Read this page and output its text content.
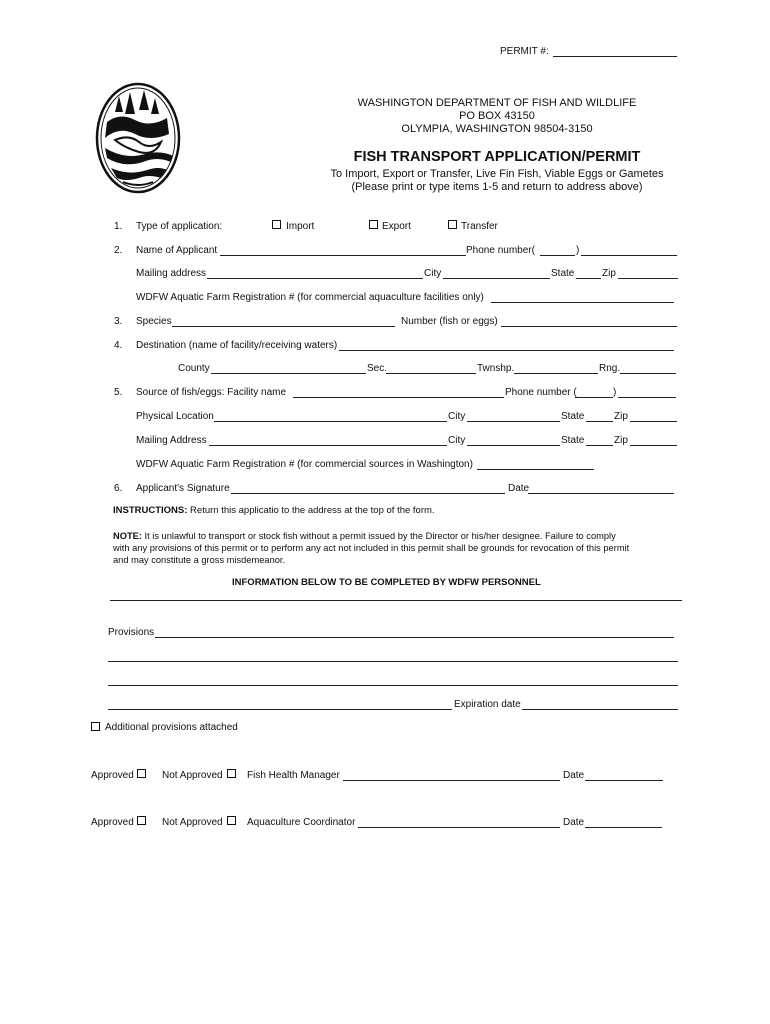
PERMIT #:
WASHINGTON DEPARTMENT OF FISH AND WILDLIFE
PO BOX 43150
OLYMPIA, WASHINGTON 98504-3150
FISH TRANSPORT APPLICATION/PERMIT
To Import, Export or Transfer, Live Fin Fish, Viable Eggs or Gametes
(Please print or type items 1-5 and return to address above)
1. Type of application:	Import	Export	Transfer
2. Name of Applicant	Phone number(	)
Mailing address	City	State	Zip
WDFW Aquatic Farm Registration # (for commercial aquaculture facilities only)
3. Species	Number (fish or eggs)
4. Destination (name of facility/receiving waters)
County	Sec.	Twnshp.	Rng.
5. Source of fish/eggs: Facility name	Phone number (	)
Physical Location	City	State	Zip
Mailing Address	City	State	Zip
WDFW Aquatic Farm Registration # (for commercial sources in Washington)
6. Applicant's Signature	Date
INSTRUCTIONS: Return this applicatio to the address at the top of the form.
NOTE: It is unlawful to transport or stock fish without a permit issued by the Director or his/her designee. Failure to comply
with any provisions of this permit or to perform any act not included in this permit shall be grounds for revocation of this permit
and may constitute a gross misdemeanor.
INFORMATION BELOW TO BE COMPLETED BY WDFW PERSONNEL
Provisions
Expiration date
Additional provisions attached
Approved	Not Approved Fish Health Manager	Date
Approved	Not Approved Aquaculture Coordinator	Date
